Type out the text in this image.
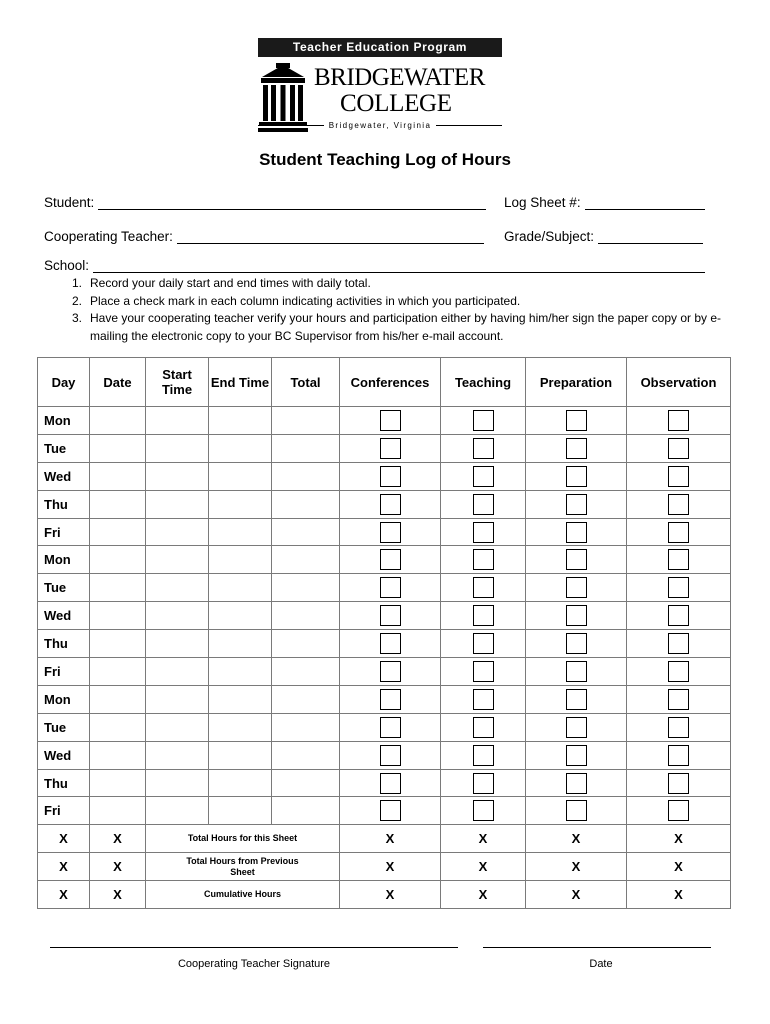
Teacher Education Program
BRIDGEWATER
COLLEGE
Bridgewater, Virginia
Student Teaching Log of Hours
Student:	Log Sheet #:
Cooperating Teacher:	Grade/Subject:
School:
1. Record your daily start and end times with daily total.
2. Place a check mark in each column indicating activities in which you participated.
3. Have your cooperating teacher verify your hours and participation either by having him/her sign the paper copy or by e-mailing the electronic copy to your BC Supervisor from his/her e-mail account.
Day	Date	Start Time	End Time	Total	Conferences	Teaching	Preparation	Observation
Mon								
Tue								
Wed								
Thu								
Fri								
Mon								
Tue								
Wed								
Thu								
Fri								
Mon								
Tue								
Wed								
Thu								
Fri								
X	X	Total Hours for this Sheet			X	X	X	X
X	X	Total Hours from Previous Sheet			X	X	X	X
X	X	Cumulative Hours			X	X	X	X
Cooperating Teacher Signature	Date
